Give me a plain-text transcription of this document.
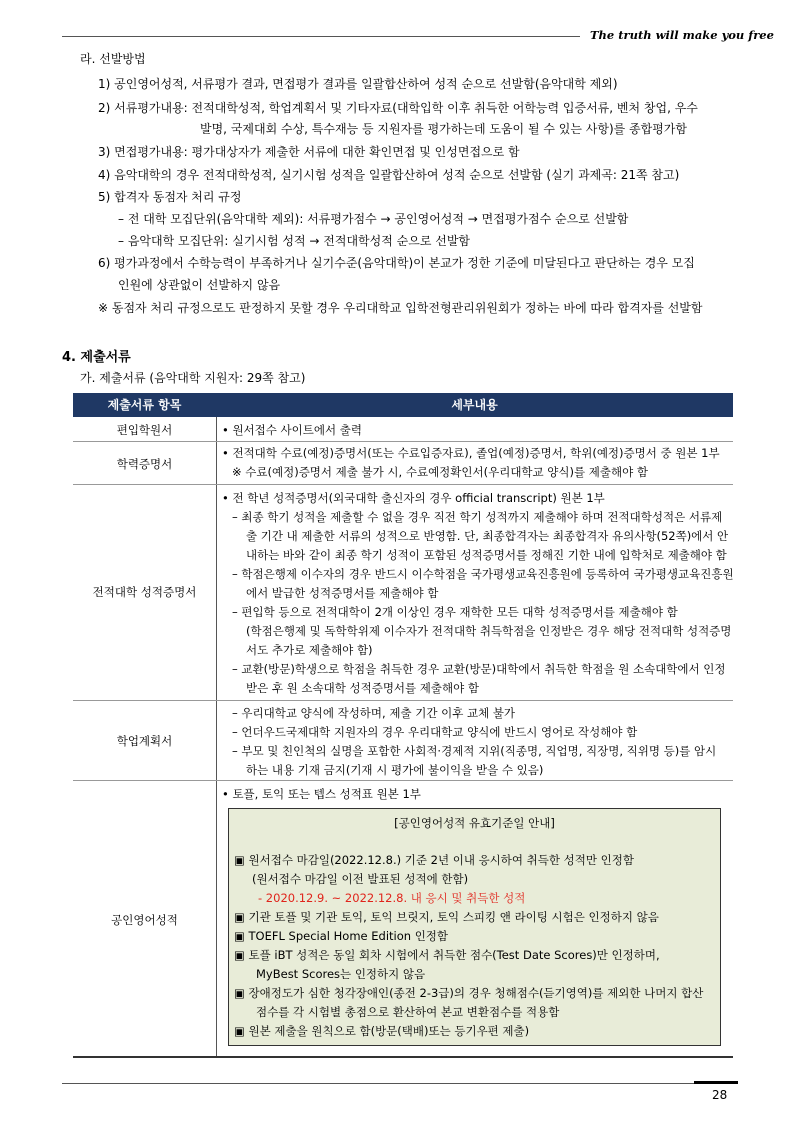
The truth will make you free
라. 선발방법
1) 공인영어성적, 서류평가 결과, 면접평가 결과를 일괄합산하여 성적 순으로 선발함(음악대학 제외)
2) 서류평가내용: 전적대학성적, 학업계획서 및 기타자료(대학입학 이후 취득한 어학능력 입증서류, 벤처 창업, 우수
발명, 국제대회 수상, 특수재능 등 지원자를 평가하는데 도움이 될 수 있는 사항)를 종합평가함
3) 면접평가내용: 평가대상자가 제출한 서류에 대한 확인면접 및 인성면접으로 함
4) 음악대학의 경우 전적대학성적, 실기시험 성적을 일괄합산하여 성적 순으로 선발함 (실기 과제곡: 21쪽 참고)
5) 합격자 동점자 처리 규정
– 전 대학 모집단위(음악대학 제외): 서류평가점수 → 공인영어성적 → 면접평가점수 순으로 선발함
– 음악대학 모집단위: 실기시험 성적 → 전적대학성적 순으로 선발함
6) 평가과정에서 수학능력이 부족하거나 실기수준(음악대학)이 본교가 정한 기준에 미달된다고 판단하는 경우 모집
인원에 상관없이 선발하지 않음
※ 동점자 처리 규정으로도 판정하지 못할 경우 우리대학교 입학전형관리위원회가 정하는 바에 따라 합격자를 선발함
4. 제출서류
가. 제출서류 (음악대학 지원자: 29쪽 참고)
제출서류 항목	세부내용
편입학원서	• 원서접수 사이트에서 출력
학력증명서
• 전적대학 수료(예정)증명서(또는 수료입증자료), 졸업(예정)증명서, 학위(예정)증명서 중 원본 1부
※ 수료(예정)증명서 제출 불가 시, 수료예정확인서(우리대학교 양식)를 제출해야 함
전적대학 성적증명서
• 전 학년 성적증명서(외국대학 출신자의 경우 official transcript) 원본 1부
– 최종 학기 성적을 제출할 수 없을 경우 직전 학기 성적까지 제출해야 하며 전적대학성적은 서류제
출 기간 내 제출한 서류의 성적으로 반영함. 단, 최종합격자는 최종합격자 유의사항(52쪽)에서 안
내하는 바와 같이 최종 학기 성적이 포함된 성적증명서를 정해진 기한 내에 입학처로 제출해야 함
– 학점은행제 이수자의 경우 반드시 이수학점을 국가평생교육진흥원에 등록하여 국가평생교육진흥원
에서 발급한 성적증명서를 제출해야 함
– 편입학 등으로 전적대학이 2개 이상인 경우 재학한 모든 대학 성적증명서를 제출해야 함
(학점은행제 및 독학학위제 이수자가 전적대학 취득학점을 인정받은 경우 해당 전적대학 성적증명
서도 추가로 제출해야 함)
– 교환(방문)학생으로 학점을 취득한 경우 교환(방문)대학에서 취득한 학점을 원 소속대학에서 인정
받은 후 원 소속대학 성적증명서를 제출해야 함
학업계획서
– 우리대학교 양식에 작성하며, 제출 기간 이후 교체 불가
– 언더우드국제대학 지원자의 경우 우리대학교 양식에 반드시 영어로 작성해야 함
– 부모 및 친인척의 실명을 포함한 사회적·경제적 지위(직종명, 직업명, 직장명, 직위명 등)를 암시
하는 내용 기재 금지(기재 시 평가에 불이익을 받을 수 있음)
공인영어성적
• 토플, 토익 또는 텝스 성적표 원본 1부
[공인영어성적 유효기준일 안내]
▣ 원서접수 마감일(2022.12.8.) 기준 2년 이내 응시하여 취득한 성적만 인정함
(원서접수 마감일 이전 발표된 성적에 한함)
- 2020.12.9. ~ 2022.12.8. 내 응시 및 취득한 성적
▣ 기관 토플 및 기관 토익, 토익 브릿지, 토익 스피킹 앤 라이팅 시험은 인정하지 않음
▣ TOEFL Special Home Edition 인정함
▣ 토플 iBT 성적은 동일 회차 시험에서 취득한 점수(Test Date Scores)만 인정하며,
MyBest Scores는 인정하지 않음
▣ 장애정도가 심한 청각장애인(종전 2-3급)의 경우 청해점수(듣기영역)를 제외한 나머지 합산
점수를 각 시험별 총점으로 환산하여 본교 변환점수를 적용함
▣ 원본 제출을 원칙으로 함(방문(택배)또는 등기우편 제출)
28
